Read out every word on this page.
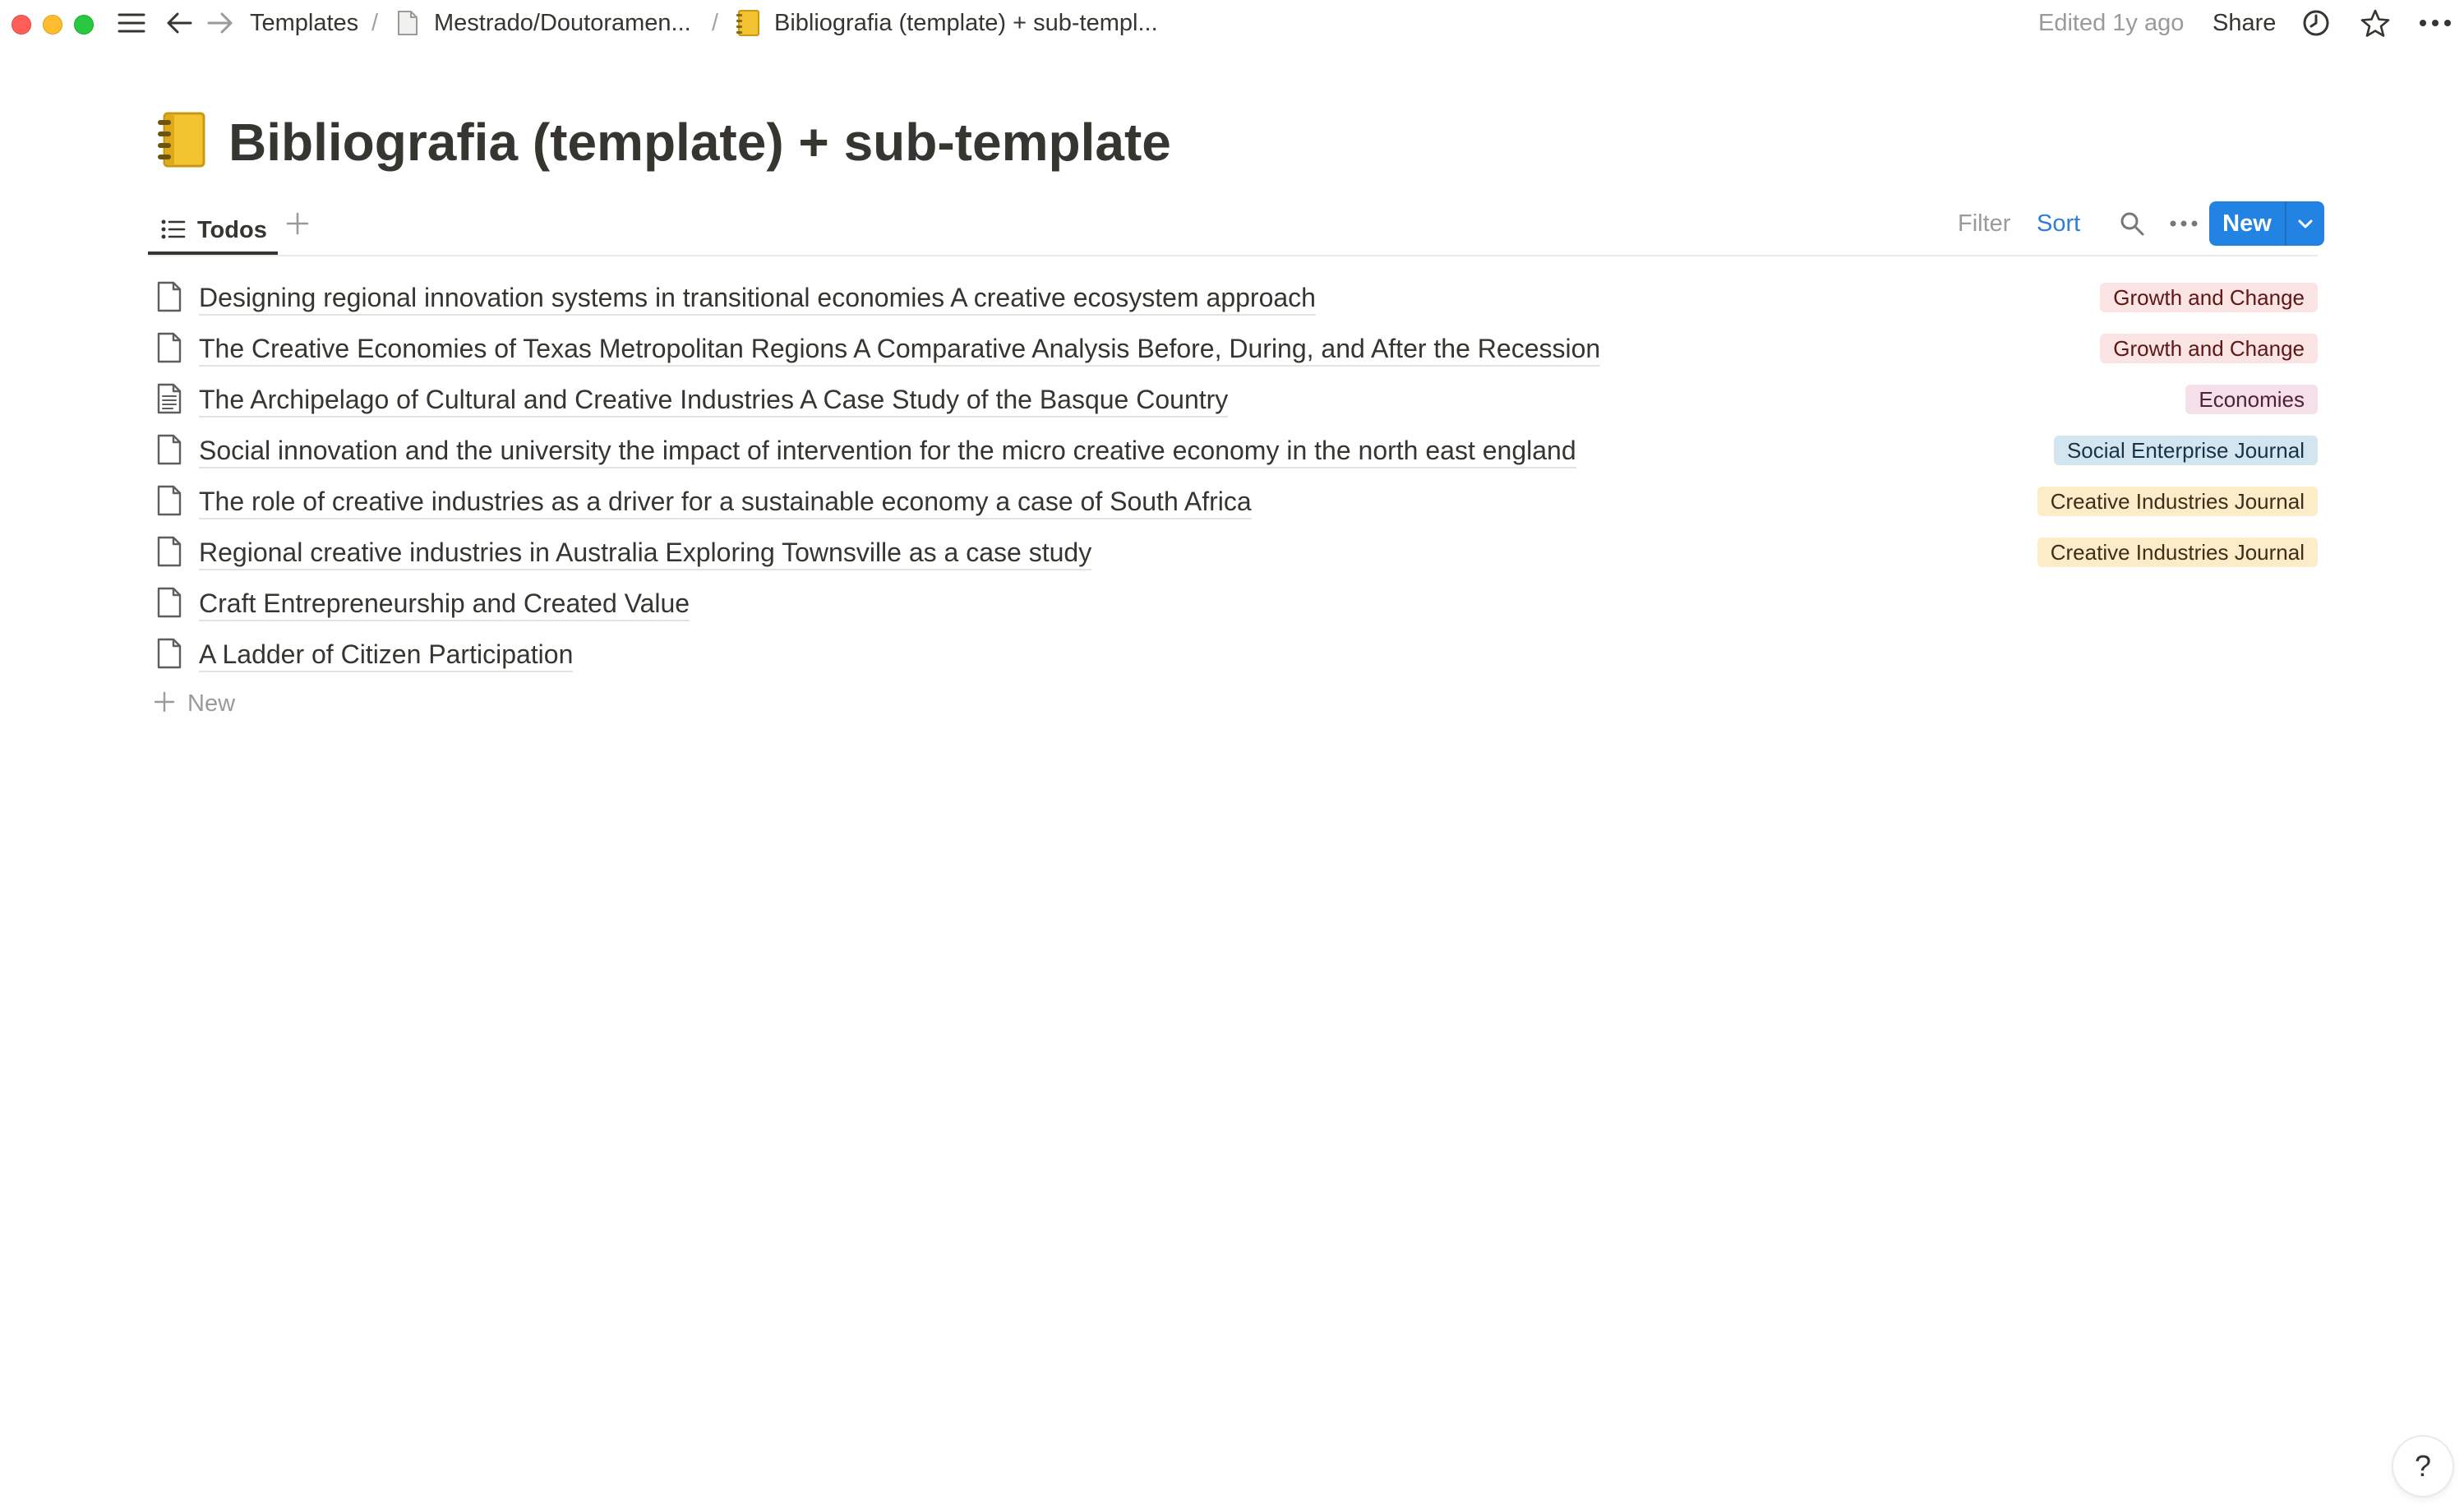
Templates / Mestrado/Doutoramen... / Bibliografia (template) + sub-templ...	Edited 1y ago Share
Bibliografia (template) + sub-template
Todos	Filter Sort	New
Designing regional innovation systems in transitional economies A creative ecosystem approach	Growth and Change
The Creative Economies of Texas Metropolitan Regions A Comparative Analysis Before, During, and After the Recession	Growth and Change
The Archipelago of Cultural and Creative Industries A Case Study of the Basque Country	Economies
Social innovation and the university the impact of intervention for the micro creative economy in the north east england	Social Enterprise Journal
The role of creative industries as a driver for a sustainable economy a case of South Africa	Creative Industries Journal
Regional creative industries in Australia Exploring Townsville as a case study	Creative Industries Journal
Craft Entrepreneurship and Created Value
A Ladder of Citizen Participation
New
?
